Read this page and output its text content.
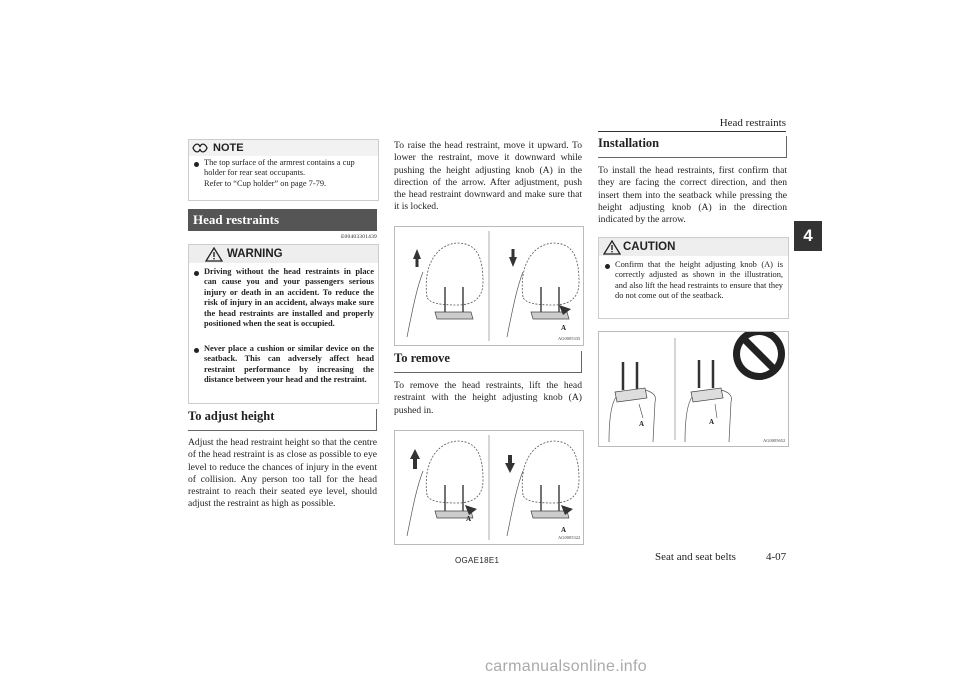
Head restraints
4
NOTE
The top surface of the armrest contains a cup holder for rear seat occupants.
Refer to “Cup holder” on page 7-79.
Head restraints
E00403301439
WARNING
Driving without the head restraints in place can cause you and your passengers serious injury or death in an accident. To reduce the risk of injury in an accident, always make sure the head restraints are installed and properly positioned when the seat is occupied.
Never place a cushion or similar device on the seatback. This can adversely affect head restraint performance by increasing the distance between your head and the restraint.
To adjust height
Adjust the head restraint height so that the centre of the head restraint is as close as possible to eye level to reduce the chances of injury in the event of collision. Any person too tall for the head restraint to reach their seated eye level, should adjust the restraint as high as possible.
To raise the head restraint, move it upward. To lower the restraint, move it downward while pushing the height adjusting knob (A) in the direction of the arrow. After adjustment, push the head restraint downward and make sure that it is locked.
A
AG0005335
To remove
To remove the head restraints, lift the head restraint with the height adjusting knob (A) pushed in.
A
A
AG0005322
Installation
To install the head restraints, first confirm that they are facing the correct direction, and then insert them into the seatback while pressing the height adjusting knob (A) in the direction indicated by the arrow.
CAUTION
Confirm that the height adjusting knob (A) is correctly adjusted as shown in the illustration, and also lift the head restraints to ensure that they do not come out of the seatback.
A	A
AG0005652
OGAE18E1	Seat and seat belts	4-07
carmanualsonline.info
